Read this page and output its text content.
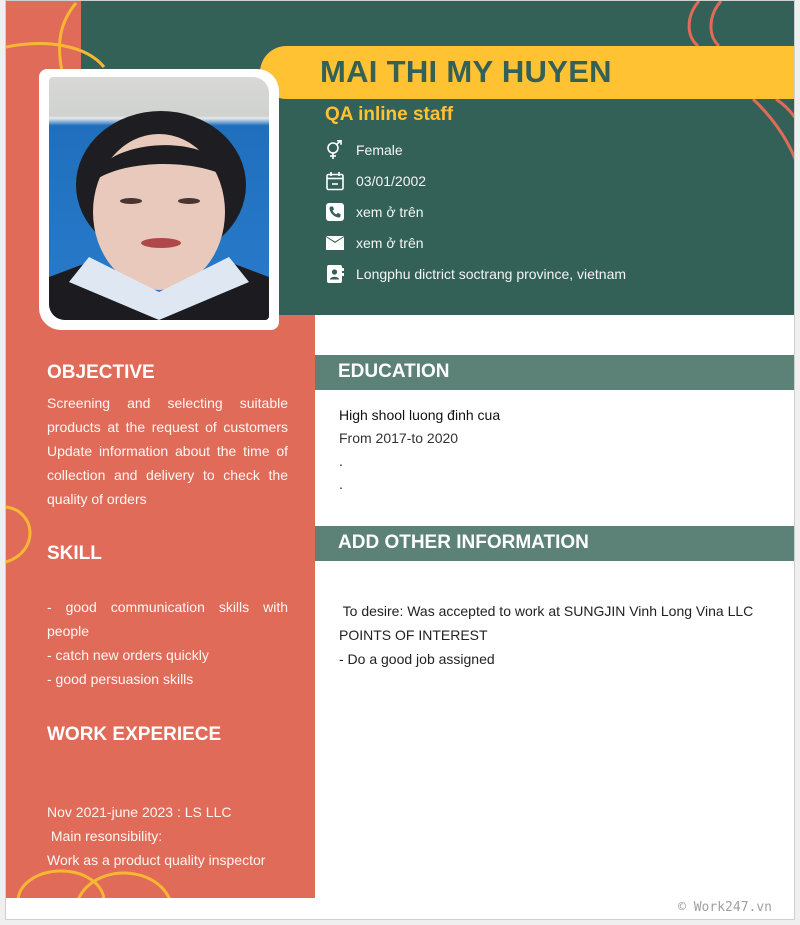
MAI THI MY HUYEN
QA inline staff
Female
03/01/2002
xem ở trên
xem ở trên
Longphu dictrict soctrang province, vietnam
OBJECTIVE
Screening and selecting suitable products at the request of customers Update information about the time of collection and delivery to check the quality of orders
SKILL
- good communication skills with people
- catch new orders quickly
- good persuasion skills
WORK EXPERIECE
Nov 2021-june 2023 : LS LLC
Main resonsibility:
Work as a product quality inspector
EDUCATION
High shool luong đinh cua
From 2017-to 2020
.
.
ADD OTHER INFORMATION
To desire: Was accepted to work at SUNGJIN Vinh Long Vina LLC
POINTS OF INTEREST
- Do a good job assigned
© Work247.vn
